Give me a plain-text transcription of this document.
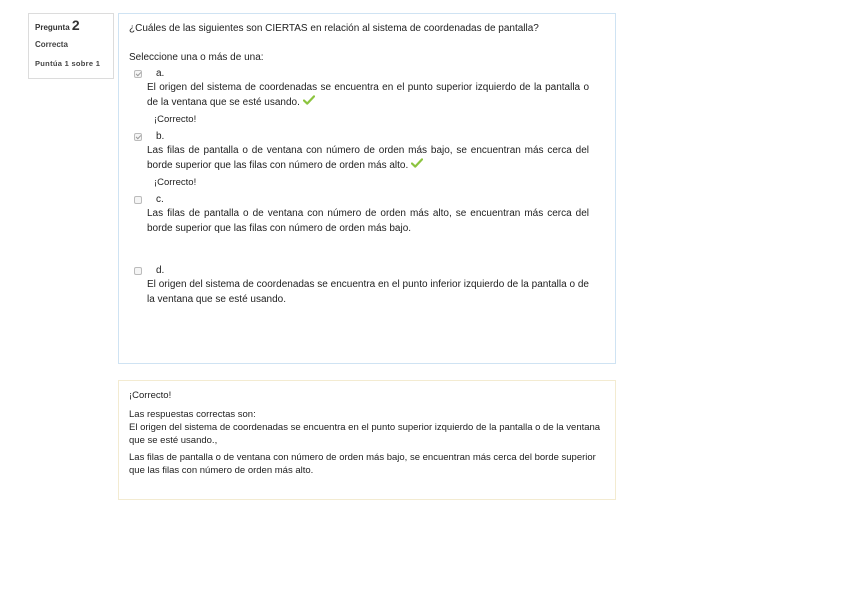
Pregunta 2
Correcta
Puntúa 1 sobre 1
¿Cuáles de las siguientes son CIERTAS en relación al sistema de coordenadas de pantalla?
Seleccione una o más de una:
a.
El origen del sistema de coordenadas se encuentra en el punto superior izquierdo de la pantalla o de la ventana que se esté usando.
¡Correcto!
b.
Las filas de pantalla o de ventana con número de orden más bajo, se encuentran más cerca del borde superior que las filas con número de orden más alto.
¡Correcto!
c.
Las filas de pantalla o de ventana con número de orden más alto, se encuentran más cerca del borde superior que las filas con número de orden más bajo.
d.
El origen del sistema de coordenadas se encuentra en el punto inferior izquierdo de la pantalla o de la ventana que se esté usando.
¡Correcto!
Las respuestas correctas son:
El origen del sistema de coordenadas se encuentra en el punto superior izquierdo de la pantalla o de la ventana que se esté usando.,
Las filas de pantalla o de ventana con número de orden más bajo, se encuentran más cerca del borde superior que las filas con número de orden más alto.
